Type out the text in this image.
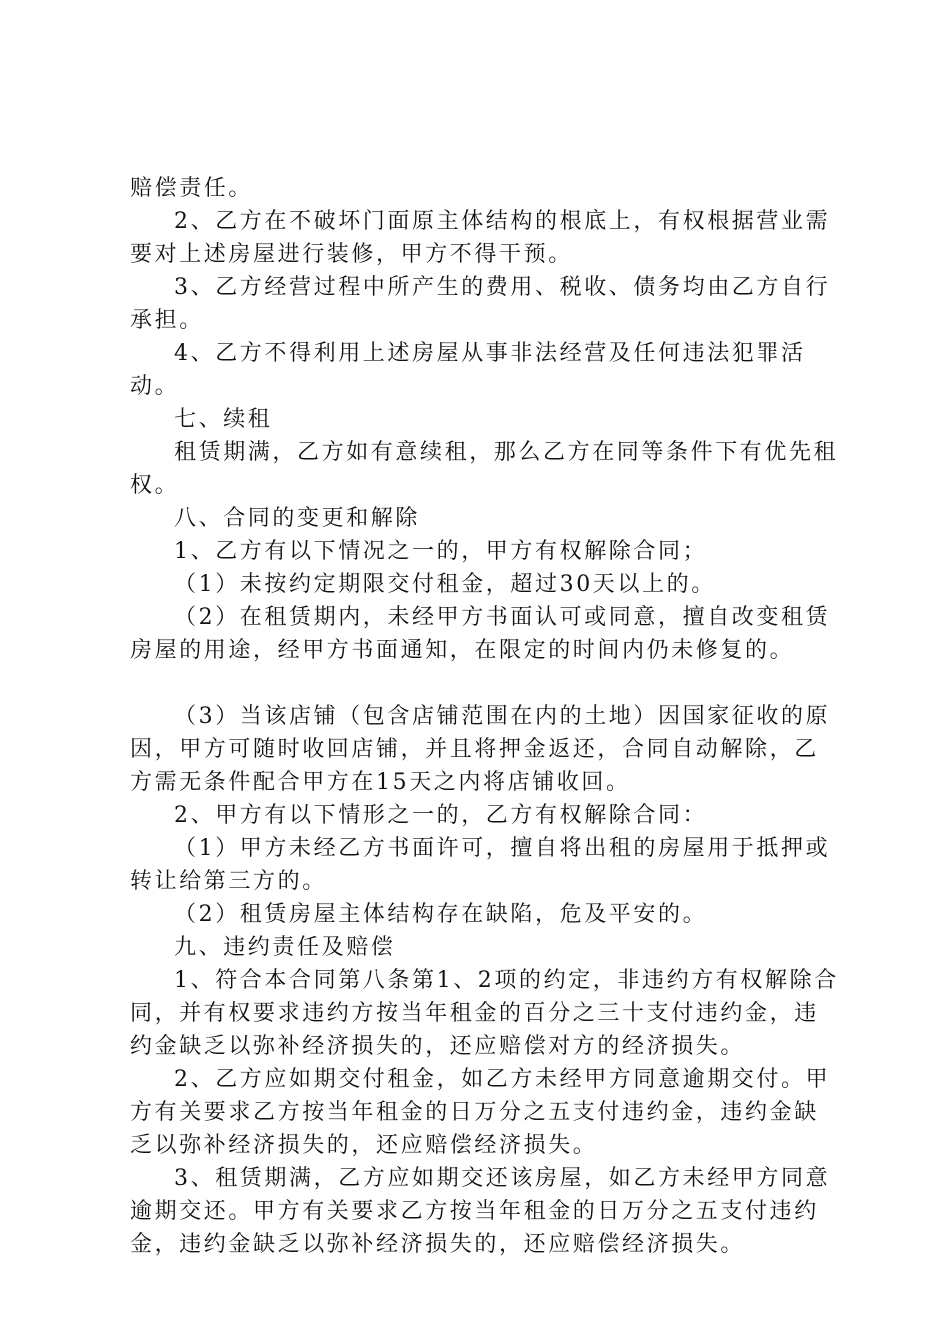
赔偿责任。

2、乙方在不破坏门面原主体结构的根底上，有权根据营业需要对上述房屋进行装修，甲方不得干预。

3、乙方经营过程中所产生的费用、税收、债务均由乙方自行承担。

4、乙方不得利用上述房屋从事非法经营及任何违法犯罪活动。

七、续租

租赁期满，乙方如有意续租，那么乙方在同等条件下有优先租权。

八、合同的变更和解除

1、乙方有以下情况之一的，甲方有权解除合同；

（1）未按约定期限交付租金，超过30天以上的。

（2）在租赁期内，未经甲方书面认可或同意，擅自改变租赁房屋的用途，经甲方书面通知，在限定的时间内仍未修复的。

（3）当该店铺（包含店铺范围在内的土地）因国家征收的原因，甲方可随时收回店铺，并且将押金返还，合同自动解除，乙方需无条件配合甲方在15天之内将店铺收回。

2、甲方有以下情形之一的，乙方有权解除合同：

（1）甲方未经乙方书面许可，擅自将出租的房屋用于抵押或转让给第三方的。

（2）租赁房屋主体结构存在缺陷，危及平安的。

九、违约责任及赔偿

1、符合本合同第八条第1、2项的约定，非违约方有权解除合同，并有权要求违约方按当年租金的百分之三十支付违约金，违约金缺乏以弥补经济损失的，还应赔偿对方的经济损失。

2、乙方应如期交付租金，如乙方未经甲方同意逾期交付。甲方有关要求乙方按当年租金的日万分之五支付违约金，违约金缺乏以弥补经济损失的，还应赔偿经济损失。

3、租赁期满，乙方应如期交还该房屋，如乙方未经甲方同意逾期交还。甲方有关要求乙方按当年租金的日万分之五支付违约金，违约金缺乏以弥补经济损失的，还应赔偿经济损失。
